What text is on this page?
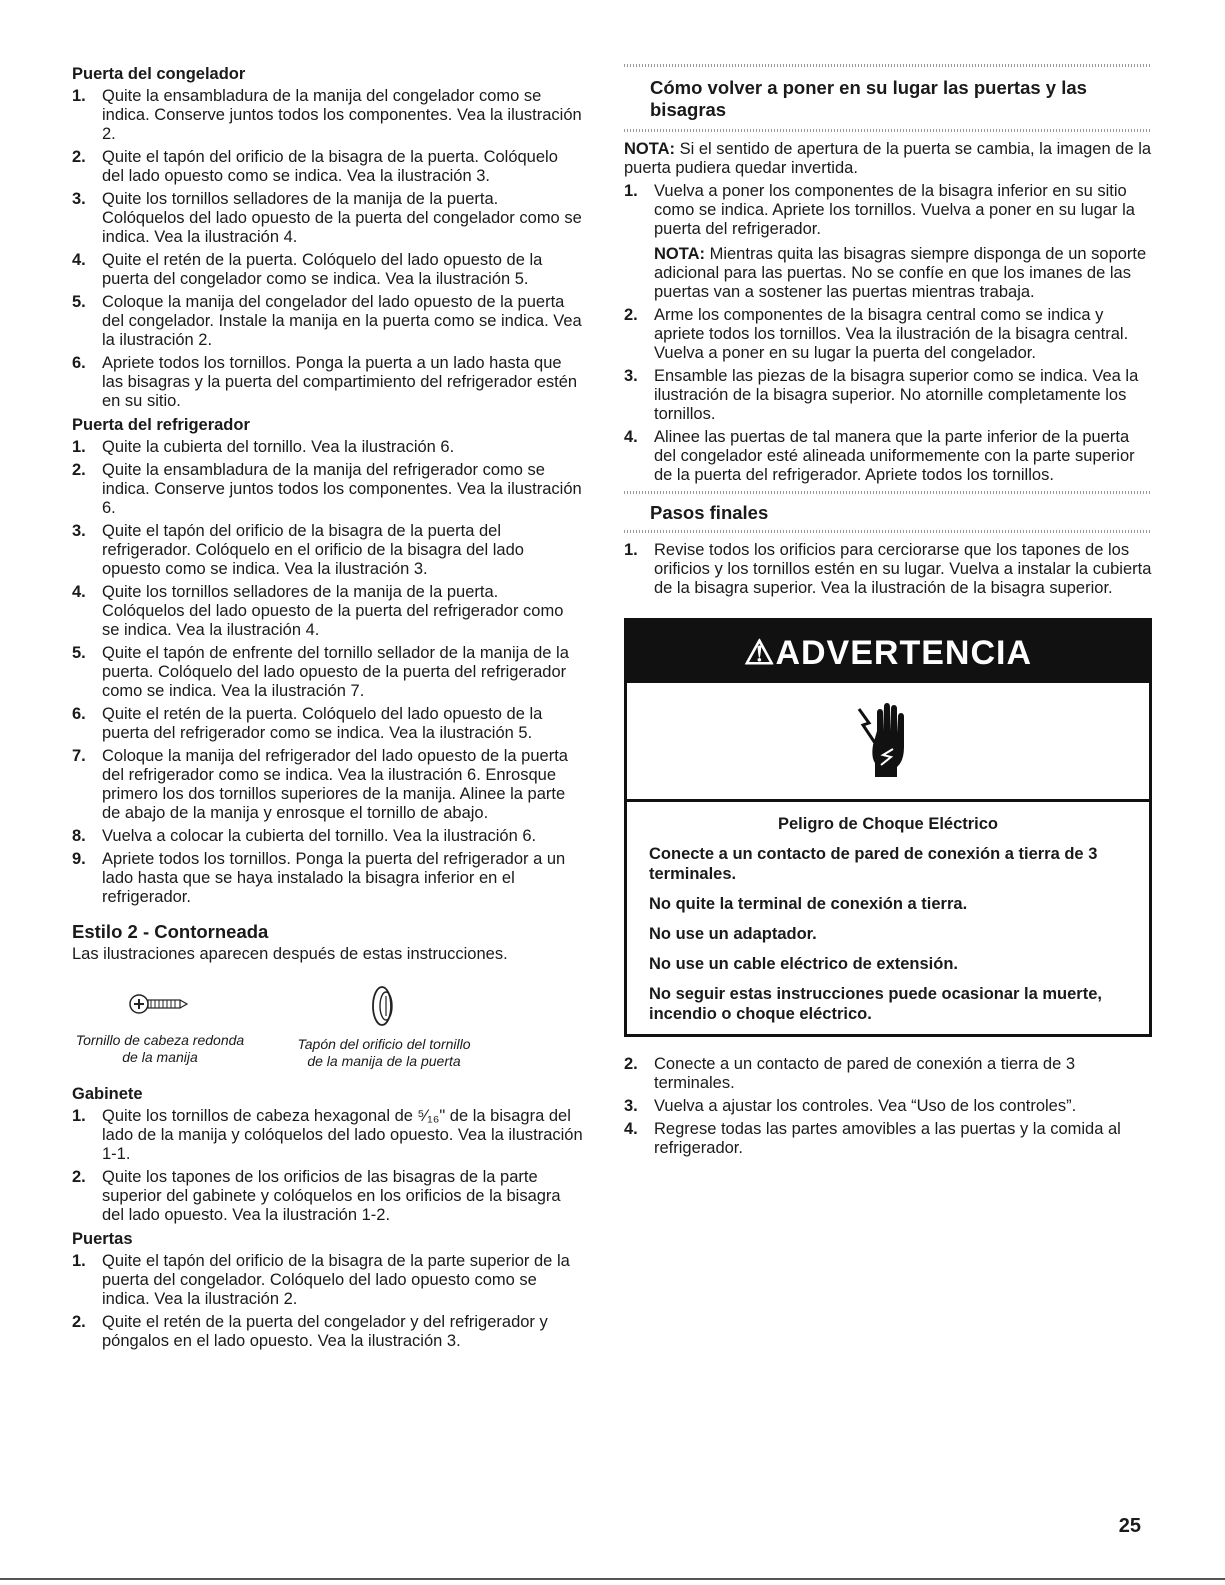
Puerta del congelador
1. Quite la ensambladura de la manija del congelador como se indica. Conserve juntos todos los componentes. Vea la ilustración 2.
2. Quite el tapón del orificio de la bisagra de la puerta. Colóquelo del lado opuesto como se indica. Vea la ilustración 3.
3. Quite los tornillos selladores de la manija de la puerta. Colóquelos del lado opuesto de la puerta del congelador como se indica. Vea la ilustración 4.
4. Quite el retén de la puerta. Colóquelo del lado opuesto de la puerta del congelador como se indica. Vea la ilustración 5.
5. Coloque la manija del congelador del lado opuesto de la puerta del congelador. Instale la manija en la puerta como se indica. Vea la ilustración 2.
6. Apriete todos los tornillos. Ponga la puerta a un lado hasta que las bisagras y la puerta del compartimiento del refrigerador estén en su sitio.
Puerta del refrigerador
1. Quite la cubierta del tornillo. Vea la ilustración 6.
2. Quite la ensambladura de la manija del refrigerador como se indica. Conserve juntos todos los componentes. Vea la ilustración 6.
3. Quite el tapón del orificio de la bisagra de la puerta del refrigerador. Colóquelo en el orificio de la bisagra del lado opuesto como se indica. Vea la ilustración 3.
4. Quite los tornillos selladores de la manija de la puerta. Colóquelos del lado opuesto de la puerta del refrigerador como se indica. Vea la ilustración 4.
5. Quite el tapón de enfrente del tornillo sellador de la manija de la puerta. Colóquelo del lado opuesto de la puerta del refrigerador como se indica. Vea la ilustración 7.
6. Quite el retén de la puerta. Colóquelo del lado opuesto de la puerta del refrigerador como se indica. Vea la ilustración 5.
7. Coloque la manija del refrigerador del lado opuesto de la puerta del refrigerador como se indica. Vea la ilustración 6. Enrosque primero los dos tornillos superiores de la manija. Alinee la parte de abajo de la manija y enrosque el tornillo de abajo.
8. Vuelva a colocar la cubierta del tornillo. Vea la ilustración 6.
9. Apriete todos los tornillos. Ponga la puerta del refrigerador a un lado hasta que se haya instalado la bisagra inferior en el refrigerador.
Estilo 2 - Contorneada

Las ilustraciones aparecen después de estas instrucciones.

Tornillo de cabeza redonda de la manija
Tapón del orificio del tornillo de la manija de la puerta
Gabinete
1. Quite los tornillos de cabeza hexagonal de ⁵⁄₁₆" de la bisagra del lado de la manija y colóquelos del lado opuesto. Vea la ilustración 1-1.
2. Quite los tapones de los orificios de las bisagras de la parte superior del gabinete y colóquelos en los orificios de la bisagra del lado opuesto. Vea la ilustración 1-2.
Puertas
1. Quite el tapón del orificio de la bisagra de la parte superior de la puerta del congelador. Colóquelo del lado opuesto como se indica. Vea la ilustración 2.
2. Quite el retén de la puerta del congelador y del refrigerador y póngalos en el lado opuesto. Vea la ilustración 3.
Cómo volver a poner en su lugar las puertas y las bisagras

NOTA: Si el sentido de apertura de la puerta se cambia, la imagen de la puerta pudiera quedar invertida.

1. Vuelva a poner los componentes de la bisagra inferior en su sitio como se indica. Apriete los tornillos. Vuelva a poner en su lugar la puerta del refrigerador.

NOTA: Mientras quita las bisagras siempre disponga de un soporte adicional para las puertas. No se confíe en que los imanes de las puertas van a sostener las puertas mientras trabaja.

2. Arme los componentes de la bisagra central como se indica y apriete todos los tornillos. Vea la ilustración de la bisagra central. Vuelva a poner en su lugar la puerta del congelador.
3. Ensamble las piezas de la bisagra superior como se indica. Vea la ilustración de la bisagra superior. No atornille completamente los tornillos.
4. Alinee las puertas de tal manera que la parte inferior de la puerta del congelador esté alineada uniformemente con la parte superior de la puerta del refrigerador. Apriete todos los tornillos.
Pasos finales
1. Revise todos los orificios para cerciorarse que los tapones de los orificios y los tornillos estén en su lugar. Vuelva a instalar la cubierta de la bisagra superior. Vea la ilustración de la bisagra superior.
⚠ADVERTENCIA
Peligro de Choque Eléctrico

Conecte a un contacto de pared de conexión a tierra de 3 terminales.

No quite la terminal de conexión a tierra.

No use un adaptador.

No use un cable eléctrico de extensión.

No seguir estas instrucciones puede ocasionar la muerte, incendio o choque eléctrico.

2. Conecte a un contacto de pared de conexión a tierra de 3 terminales.
3. Vuelva a ajustar los controles. Vea “Uso de los controles”.
4. Regrese todas las partes amovibles a las puertas y la comida al refrigerador.
25
